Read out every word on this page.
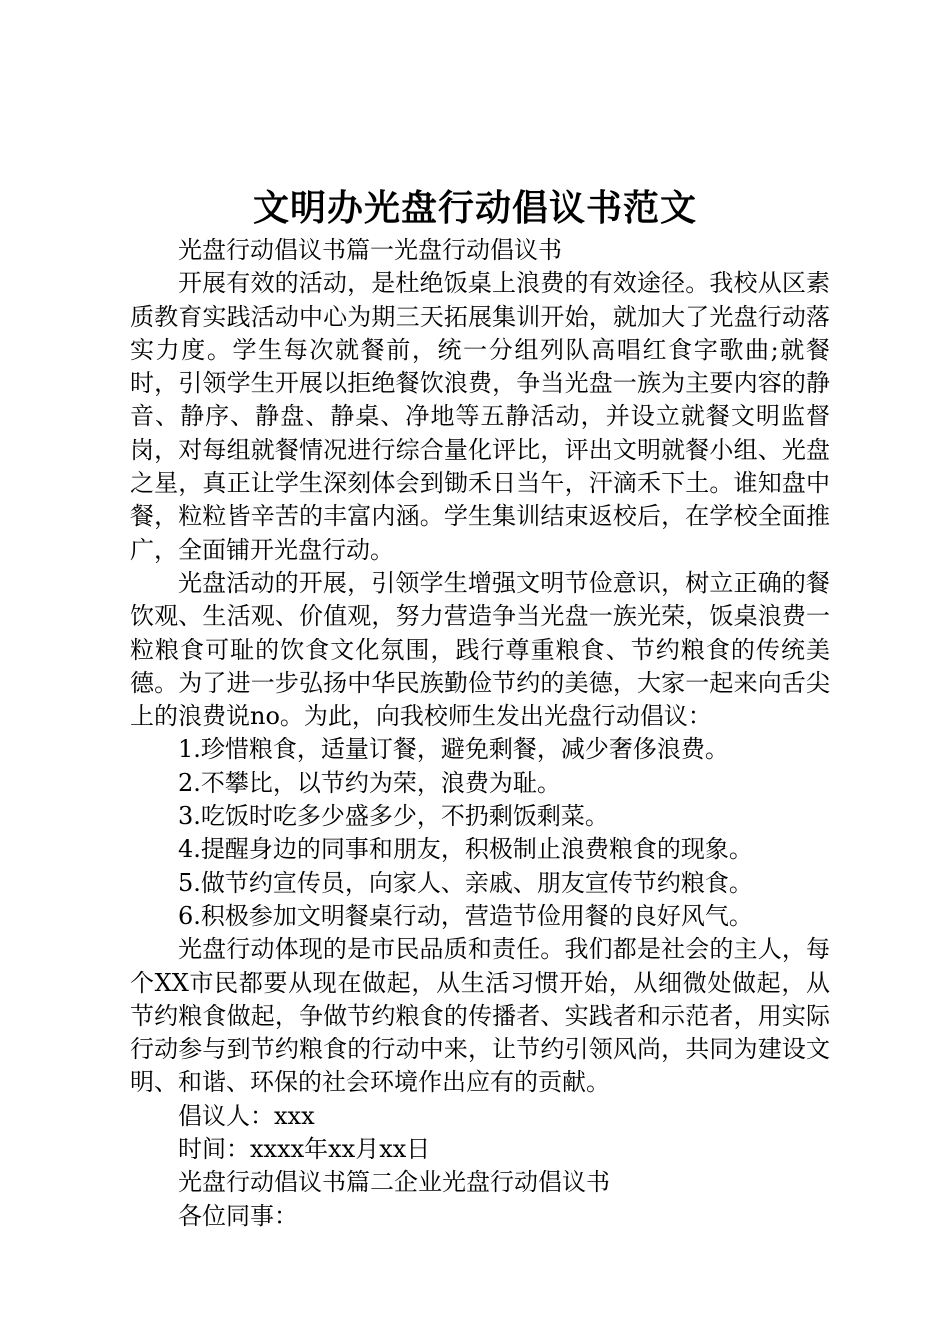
文明办光盘行动倡议书范文

光盘行动倡议书篇一光盘行动倡议书

开展有效的活动，是杜绝饭桌上浪费的有效途径。我校从区素质教育实践活动中心为期三天拓展集训开始，就加大了光盘行动落实力度。学生每次就餐前，统一分组列队高唱红食字歌曲;就餐时，引领学生开展以拒绝餐饮浪费，争当光盘一族为主要内容的静音、静序、静盘、静桌、净地等五静活动，并设立就餐文明监督岗，对每组就餐情况进行综合量化评比，评出文明就餐小组、光盘之星，真正让学生深刻体会到锄禾日当午，汗滴禾下土。谁知盘中餐，粒粒皆辛苦的丰富内涵。学生集训结束返校后，在学校全面推广，全面铺开光盘行动。

光盘活动的开展，引领学生增强文明节俭意识，树立正确的餐饮观、生活观、价值观，努力营造争当光盘一族光荣，饭桌浪费一粒粮食可耻的饮食文化氛围，践行尊重粮食、节约粮食的传统美德。为了进一步弘扬中华民族勤俭节约的美德，大家一起来向舌尖上的浪费说no。为此，向我校师生发出光盘行动倡议：

1.珍惜粮食，适量订餐，避免剩餐，减少奢侈浪费。

2.不攀比，以节约为荣，浪费为耻。

3.吃饭时吃多少盛多少，不扔剩饭剩菜。

4.提醒身边的同事和朋友，积极制止浪费粮食的现象。

5.做节约宣传员，向家人、亲戚、朋友宣传节约粮食。

6.积极参加文明餐桌行动，营造节俭用餐的良好风气。

光盘行动体现的是市民品质和责任。我们都是社会的主人，每个XX市民都要从现在做起，从生活习惯开始，从细微处做起，从节约粮食做起，争做节约粮食的传播者、实践者和示范者，用实际行动参与到节约粮食的行动中来，让节约引领风尚，共同为建设文明、和谐、环保的社会环境作出应有的贡献。

倡议人：xxx

时间：xxxx年xx月xx日

光盘行动倡议书篇二企业光盘行动倡议书

各位同事：
